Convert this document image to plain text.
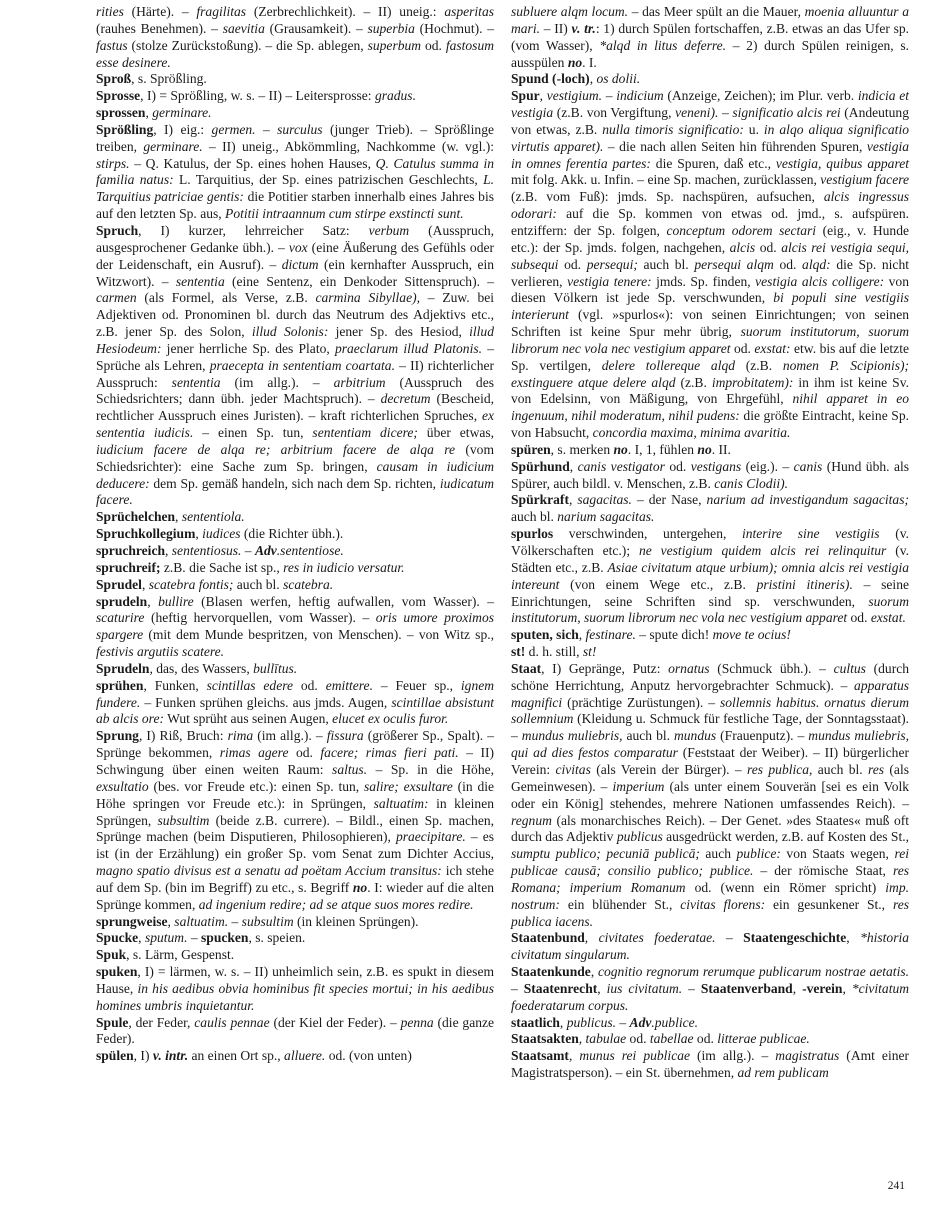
rities (Härte). – fragilitas (Zerbrechlichkeit). – II) uneig.: asperitas (rauhes Benehmen). – saevitia (Grausamkeit). – superbia (Hochmut). – fastus (stolze Zurückstoßung). – die Sp. ablegen, superbum od. fastosum esse desinere.

Sproß, s. Sprößling.

Sprosse, I) = Sprößling, w. s. – II) – Leitersprosse: gradus.

sprossen, germinare.

Sprößling, I) eig.: germen. – surculus (junger Trieb). – Sprößlinge treiben, germinare. – II) uneig., Abkömmling, Nachkomme (w. vgl.): stirps. – Q. Katulus, der Sp. eines hohen Hauses, Q. Catulus summa in familia natus: L. Tarquitius, der Sp. eines patrizischen Geschlechts, L. Tarquitius patriciae gentis: die Potitier starben innerhalb eines Jahres bis auf den letzten Sp. aus, Potitii intraannum cum stirpe exstincti sunt.

Spruch, I) kurzer, lehrreicher Satz: verbum (Ausspruch, ausgesprochener Gedanke übh.). – vox (eine Äußerung des Gefühls oder der Leidenschaft, ein Ausruf). – dictum (ein kernhafter Ausspruch, ein Witzwort). – sententia (eine Sentenz, ein Denkoder Sittenspruch). – carmen (als Formel, als Verse, z.B. carmina Sibyllae), – Zuw. bei Adjektiven od. Pronominen bl. durch das Neutrum des Adjektivs etc., z.B. jener Sp. des Solon, illud Solonis: jener Sp. des Hesiod, illud Hesiodeum: jener herrliche Sp. des Plato, praeclarum illud Platonis. – Sprüche als Lehren, praecepta in sententiam coartata. – II) richterlicher Ausspruch: sententia (im allg.). – arbitrium (Ausspruch des Schiedsrichters; dann übh. jeder Machtspruch). – decretum (Bescheid, rechtlicher Ausspruch eines Juristen). – kraft richterlichen Spruches, ex sententia iudicis. – einen Sp. tun, sententiam dicere; über etwas, iudicium facere de alqa re; arbitrium facere de alqa re (vom Schiedsrichter): eine Sache zum Sp. bringen, causam in iudicium deducere: dem Sp. gemäß handeln, sich nach dem Sp. richten, iudicatum facere.

Sprüchelchen, sententiola.

Spruchkollegium, iudices (die Richter übh.).

spruchreich, sententiosus. – Adv.sententiose.

spruchreif; z.B. die Sache ist sp., res in iudicio versatur.

Sprudel, scatebra fontis; auch bl. scatebra.

sprudeln, bullire (Blasen werfen, heftig aufwallen, vom Wasser). – scaturire (heftig hervorquellen, vom Wasser). – oris umore proximos spargere (mit dem Munde bespritzen, von Menschen). – von Witz sp., festivis argutiis scatere.

Sprudeln, das, des Wassers, bullītus.

sprühen, Funken, scintillas edere od. emittere. – Feuer sp., ignem fundere. – Funken sprühen gleichs. aus jmds. Augen, scintillae absistunt ab alcis ore: Wut sprüht aus seinen Augen, elucet ex oculis furor.

Sprung, I) Riß, Bruch: rima (im allg.). – fissura (größerer Sp., Spalt). – Sprünge bekommen, rimas agere od. facere; rimas fieri pati. – II) Schwingung über einen weiten Raum: saltus. – Sp. in die Höhe, exsultatio (bes. vor Freude etc.): einen Sp. tun, salire; exsultare (in die Höhe springen vor Freude etc.): in Sprüngen, saltuatim: in kleinen Sprüngen, subsultim (beide z.B. currere). – Bildl., einen Sp. machen, Sprünge machen (beim Disputieren, Philosophieren), praecipitare. – es ist (in der Erzählung) ein großer Sp. vom Senat zum Dichter Accius, magno spatio divisus est a senatu ad poëtam Accium transitus: ich stehe auf dem Sp. (bin im Begriff) zu etc., s. Begriff no. I: wieder auf die alten Sprünge kommen, ad ingenium redire; ad se atque suos mores redire.

sprungweise, saltuatim. – subsultim (in kleinen Sprüngen).

Spucke, sputum. – spucken, s. speien.

Spuk, s. Lärm, Gespenst.

spuken, I) = lärmen, w. s. – II) unheimlich sein, z.B. es spukt in diesem Hause, in his aedibus obvia hominibus fit species mortui; in his aedibus homines umbris inquietantur.

Spule, der Feder, caulis pennae (der Kiel der Feder). – penna (die ganze Feder).

spülen, I) v. intr. an einen Ort sp., alluere. od. (von unten)

subluere alqm locum. – das Meer spült an die Mauer, moenia alluuntur a mari. – II) v. tr.: 1) durch Spülen fortschaffen, z.B. etwas an das Ufer sp. (vom Wasser), *alqd in litus deferre. – 2) durch Spülen reinigen, s. ausspülen no. I.

Spund (-loch), os dolii.

Spur, vestigium. – indicium (Anzeige, Zeichen); im Plur. verb. indicia et vestigia (z.B. von Vergiftung, veneni). – significatio alcis rei (Andeutung von etwas, z.B. nulla timoris significatio: u. in alqo aliqua significatio virtutis apparet). – die nach allen Seiten hin führenden Spuren, vestigia in omnes ferentia partes: die Spuren, daß etc., vestigia, quibus apparet mit folg. Akk. u. Infin. – eine Sp. machen, zurücklassen, vestigium facere (z.B. vom Fuß): jmds. Sp. nachspüren, aufsuchen, alcis ingressus odorari: auf die Sp. kommen von etwas od. jmd., s. aufspüren. entziffern: der Sp. folgen, conceptum odorem sectari (eig., v. Hunde etc.): der Sp. jmds. folgen, nachgehen, alcis od. alcis rei vestigia sequi, subsequi od. persequi; auch bl. persequi alqm od. alqd: die Sp. nicht verlieren, vestigia tenere: jmds. Sp. finden, vestigia alcis colligere: von diesen Völkern ist jede Sp. verschwunden, bi populi sine vestigiis interierunt (vgl. »spurlos«): von seinen Einrichtungen; von seinen Schriften ist keine Spur mehr übrig, suorum institutorum, suorum librorum nec vola nec vestigium apparet od. exstat: etw. bis auf die letzte Sp. vertilgen, delere tollereque alqd (z.B. nomen P. Scipionis); exstinguere atque delere alqd (z.B. improbitatem): in ihm ist keine Sv. von Edelsinn, von Mäßigung, von Ehrgefühl, nihil apparet in eo ingenuum, nihil moderatum, nihil pudens: die größte Eintracht, keine Sp. von Habsucht, concordia maxima, minima avaritia.

spüren, s. merken no. I, 1, fühlen no. II.

Spürhund, canis vestigator od. vestigans (eig.). – canis (Hund übh. als Spürer, auch bildl. v. Menschen, z.B. canis Clodii).

Spürkraft, sagacitas. – der Nase, narium ad investigandum sagacitas; auch bl. narium sagacitas.

spurlos verschwinden, untergehen, interire sine vestigiis (v. Völkerschaften etc.); ne vestigium quidem alcis rei relinquitur (v. Städten etc., z.B. Asiae civitatum atque urbium); omnia alcis rei vestigia intereunt (von einem Wege etc., z.B. pristini itineris). – seine Einrichtungen, seine Schriften sind sp. verschwunden, suorum institutorum, suorum librorum nec vola nec vestigium apparet od. exstat.

sputen, sich, festinare. – spute dich! move te ocius!

st! d. h. still, st!

Staat, I) Gepränge, Putz: ornatus (Schmuck übh.). – cultus (durch schöne Herrichtung, Anputz hervorgebrachter Schmuck). – apparatus magnifici (prächtige Zurüstungen). – sollemnis habitus. ornatus dierum sollemnium (Kleidung u. Schmuck für festliche Tage, der Sonntagsstaat). – mundus muliebris, auch bl. mundus (Frauenputz). – mundus muliebris, qui ad dies festos comparatur (Feststaat der Weiber). – II) bürgerlicher Verein: civitas (als Verein der Bürger). – res publica, auch bl. res (als Gemeinwesen). – imperium (als unter einem Souverän [sei es ein Volk oder ein König] stehendes, mehrere Nationen umfassendes Reich). – regnum (als monarchisches Reich). – Der Genet. »des Staates« muß oft durch das Adjektiv publicus ausgedrückt werden, z.B. auf Kosten des St., sumptu publico; pecuniā publicā; auch publice: von Staats wegen, rei publicae causā; consilio publico; publice. – der römische Staat, res Romana; imperium Romanum od. (wenn ein Römer spricht) imp. nostrum: ein blühender St., civitas florens: ein gesunkener St., res publica iacens.

Staatenbund, civitates foederatae. – Staatengeschichte, *historia civitatum singularum.

Staatenkunde, cognitio regnorum rerumque publicarum nostrae aetatis. – Staatenrecht, ius civitatum. – Staatenverband, -verein, *civitatum foederatarum corpus.

staatlich, publicus. – Adv.publice.

Staatsakten, tabulae od. tabellae od. litterae publicae.

Staatsamt, munus rei publicae (im allg.). – magistratus (Amt einer Magistratsperson). – ein St. übernehmen, ad rem publicam

241
